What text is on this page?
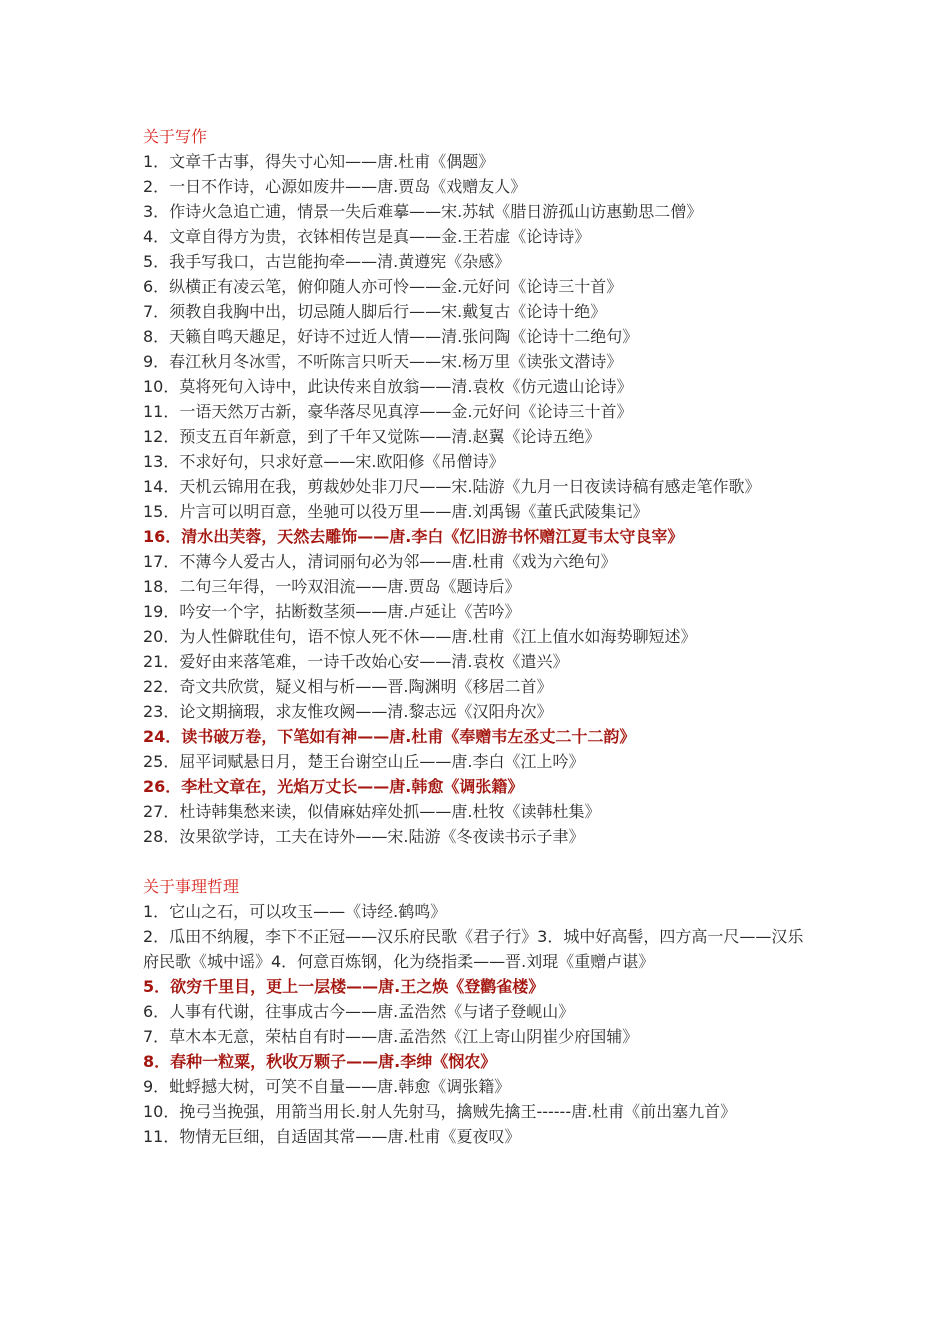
关于写作
1．文章千古事，得失寸心知——唐.杜甫《偶题》
2．一日不作诗，心源如废井——唐.贾岛《戏赠友人》
3．作诗火急追亡逋，情景一失后难摹——宋.苏轼《腊日游孤山访惠勤思二僧》
4．文章自得方为贵，衣钵相传岂是真——金.王若虚《论诗诗》
5．我手写我口，古岂能拘牵——清.黄遵宪《杂感》
6．纵横正有凌云笔，俯仰随人亦可怜——金.元好问《论诗三十首》
7．须教自我胸中出，切忌随人脚后行——宋.戴复古《论诗十绝》
8．天籁自鸣天趣足，好诗不过近人情——清.张问陶《论诗十二绝句》
9．春江秋月冬冰雪，不听陈言只听天——宋.杨万里《读张文潜诗》
10．莫将死句入诗中，此诀传来自放翁——清.袁枚《仿元遗山论诗》
11．一语天然万古新，豪华落尽见真淳——金.元好问《论诗三十首》
12．预支五百年新意，到了千年又觉陈——清.赵翼《论诗五绝》
13．不求好句，只求好意——宋.欧阳修《吊僧诗》
14．天机云锦用在我，剪裁妙处非刀尺——宋.陆游《九月一日夜读诗稿有感走笔作歌》
15．片言可以明百意，坐驰可以役万里——唐.刘禹锡《董氏武陵集记》
16．清水出芙蓉，天然去雕饰——唐.李白《忆旧游书怀赠江夏韦太守良宰》
17．不薄今人爱古人，清词丽句必为邻——唐.杜甫《戏为六绝句》
18．二句三年得，一吟双泪流——唐.贾岛《题诗后》
19．吟安一个字，拈断数茎须——唐.卢延让《苦吟》
20．为人性僻耽佳句，语不惊人死不休——唐.杜甫《江上值水如海势聊短述》
21．爱好由来落笔难，一诗千改始心安——清.袁枚《遣兴》
22．奇文共欣赏，疑义相与析——晋.陶渊明《移居二首》
23．论文期摘瑕，求友惟攻阙——清.黎志远《汉阳舟次》
24．读书破万卷，下笔如有神——唐.杜甫《奉赠韦左丞丈二十二韵》
25．屈平词赋悬日月，楚王台谢空山丘——唐.李白《江上吟》
26．李杜文章在，光焰万丈长——唐.韩愈《调张籍》
27．杜诗韩集愁来读，似倩麻姑痒处抓——唐.杜牧《读韩杜集》
28．汝果欲学诗，工夫在诗外——宋.陆游《冬夜读书示子聿》
关于事理哲理
1．它山之石，可以攻玉——《诗经.鹤鸣》
2．瓜田不纳履，李下不正冠——汉乐府民歌《君子行》3．城中好高髻，四方高一尺——汉乐府民歌《城中谣》4．何意百炼钢，化为绕指柔——晋.刘琨《重赠卢谌》
5．欲穷千里目，更上一层楼——唐.王之焕《登鹳雀楼》
6．人事有代谢，往事成古今——唐.孟浩然《与诸子登岘山》
7．草木本无意，荣枯自有时——唐.孟浩然《江上寄山阴崔少府国辅》
8．春种一粒粟，秋收万颗子——唐.李绅《悯农》
9．蚍蜉撼大树，可笑不自量——唐.韩愈《调张籍》
10．挽弓当挽强，用箭当用长.射人先射马，擒贼先擒王------唐.杜甫《前出塞九首》
11．物情无巨细，自适固其常——唐.杜甫《夏夜叹》
